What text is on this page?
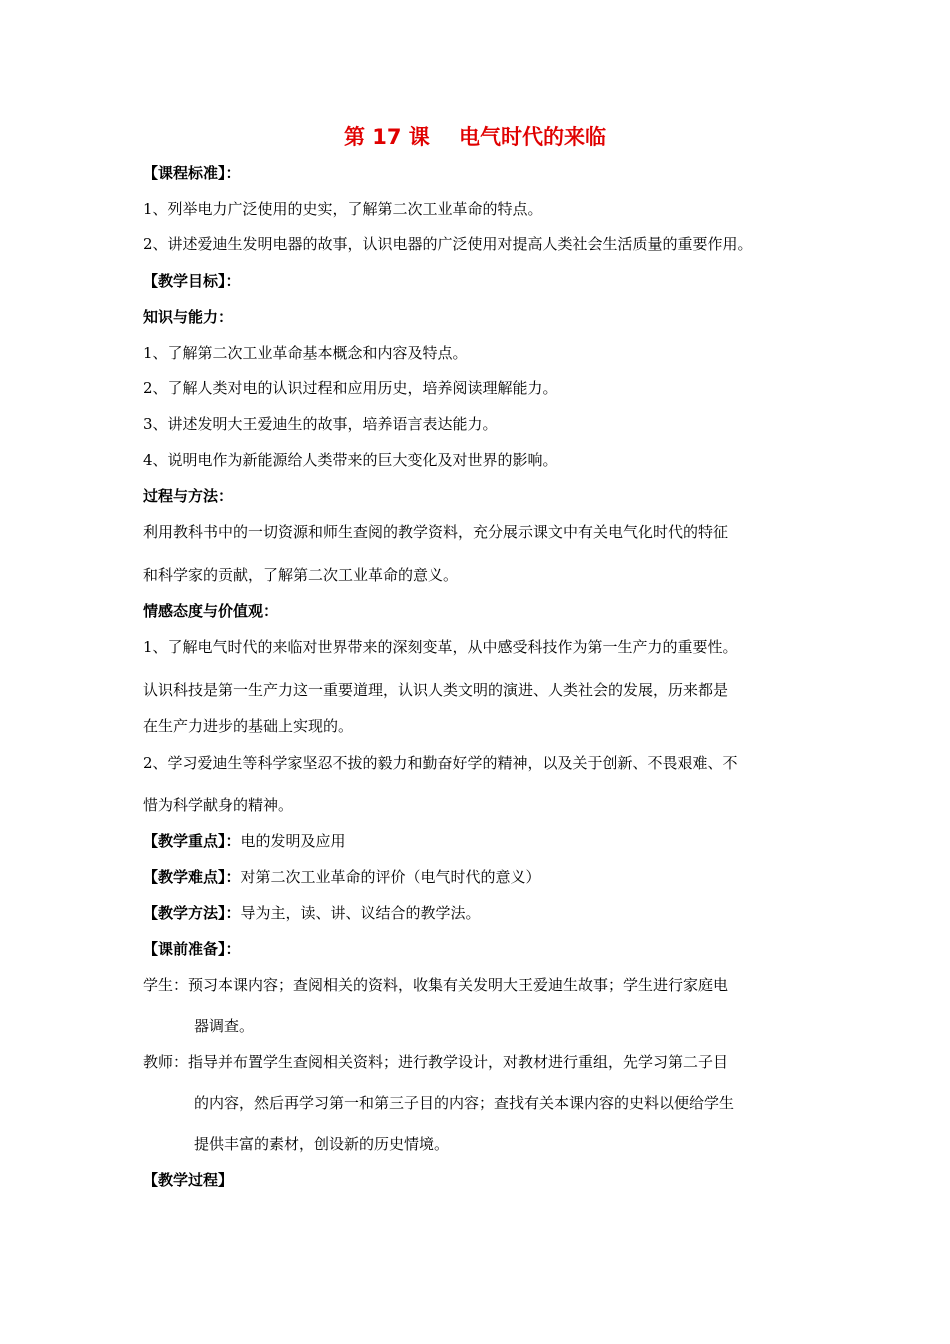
第 17 课    电气时代的来临
【课程标准】：
1、列举电力广泛使用的史实，了解第二次工业革命的特点。
2、讲述爱迪生发明电器的故事，认识电器的广泛使用对提高人类社会生活质量的重要作用。
【教学目标】：
知识与能力：
1、了解第二次工业革命基本概念和内容及特点。
2、了解人类对电的认识过程和应用历史，培养阅读理解能力。
3、讲述发明大王爱迪生的故事，培养语言表达能力。
4、说明电作为新能源给人类带来的巨大变化及对世界的影响。
过程与方法：
利用教科书中的一切资源和师生查阅的教学资料，充分展示课文中有关电气化时代的特征
和科学家的贡献，了解第二次工业革命的意义。
情感态度与价值观：
1、了解电气时代的来临对世界带来的深刻变革，从中感受科技作为第一生产力的重要性。
认识科技是第一生产力这一重要道理，认识人类文明的演进、人类社会的发展，历来都是
在生产力进步的基础上实现的。
2、学习爱迪生等科学家坚忍不拔的毅力和勤奋好学的精神，以及关于创新、不畏艰难、不
惜为科学献身的精神。
【教学重点】：电的发明及应用
【教学难点】：对第二次工业革命的评价（电气时代的意义）
【教学方法】：导为主，读、讲、议结合的教学法。
【课前准备】：
学生：预习本课内容；查阅相关的资料，收集有关发明大王爱迪生故事；学生进行家庭电
器调查。
教师：指导并布置学生查阅相关资料；进行教学设计，对教材进行重组，先学习第二子目
的内容，然后再学习第一和第三子目的内容；查找有关本课内容的史料以便给学生
提供丰富的素材，创设新的历史情境。
【教学过程】
